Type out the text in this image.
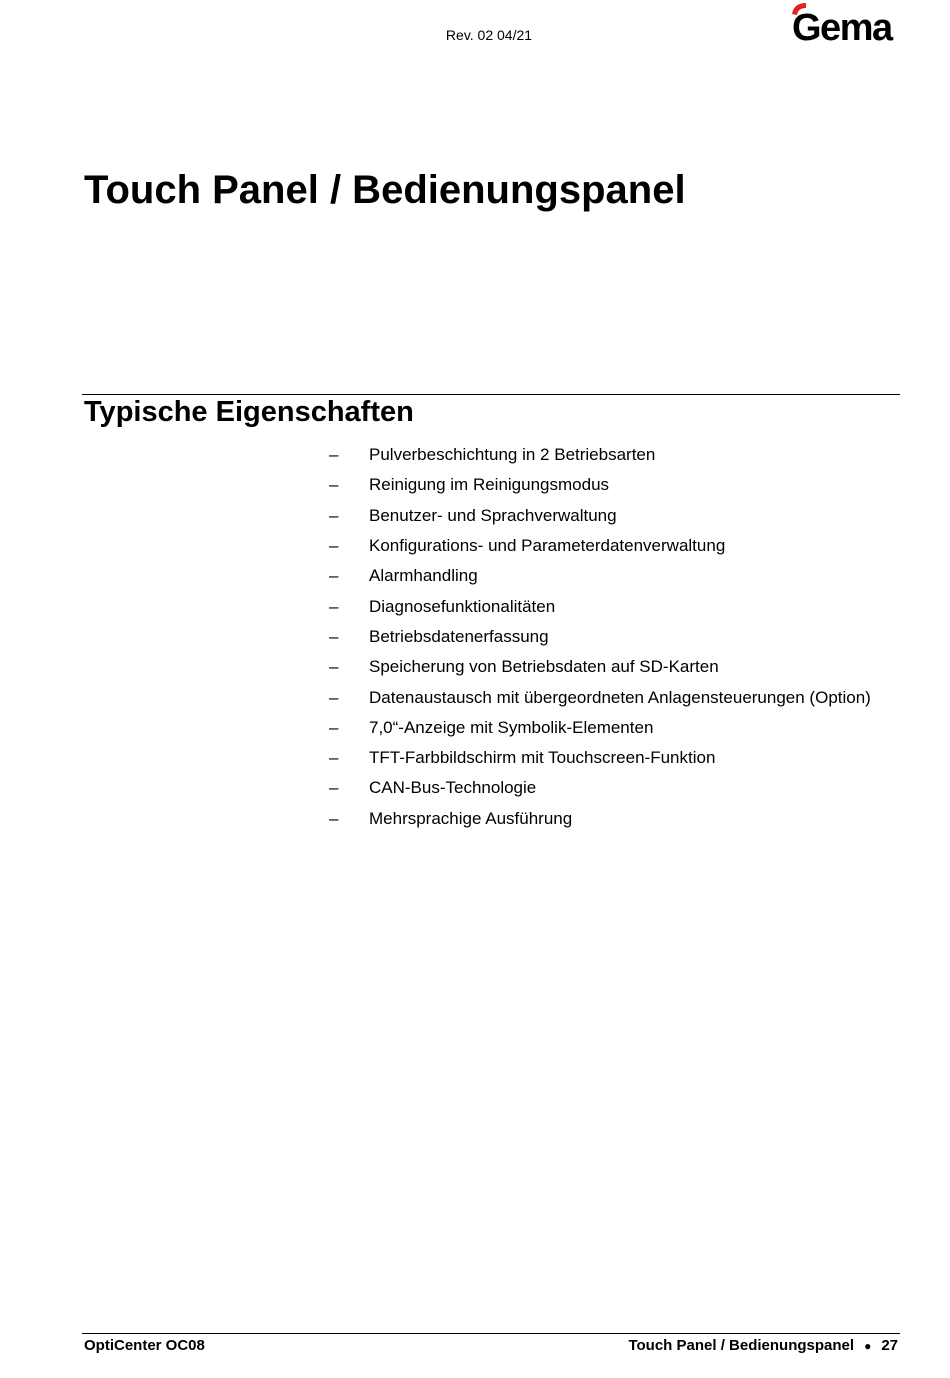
Rev. 02 04/21	Gema
Touch Panel / Bedienungspanel
Typische Eigenschaften
–	Pulverbeschichtung in 2 Betriebsarten
–	Reinigung im Reinigungsmodus
–	Benutzer- und Sprachverwaltung
–	Konfigurations- und Parameterdatenverwaltung
–	Alarmhandling
–	Diagnosefunktionalitäten
–	Betriebsdatenerfassung
–	Speicherung von Betriebsdaten auf SD-Karten
–	Datenaustausch mit übergeordneten Anlagensteuerungen (Option)
–	7,0“-Anzeige mit Symbolik-Elementen
–	TFT-Farbbildschirm mit Touchscreen-Funktion
–	CAN-Bus-Technologie
–	Mehrsprachige Ausführung
OptiCenter OC08	Touch Panel / Bedienungspanel ● 27
